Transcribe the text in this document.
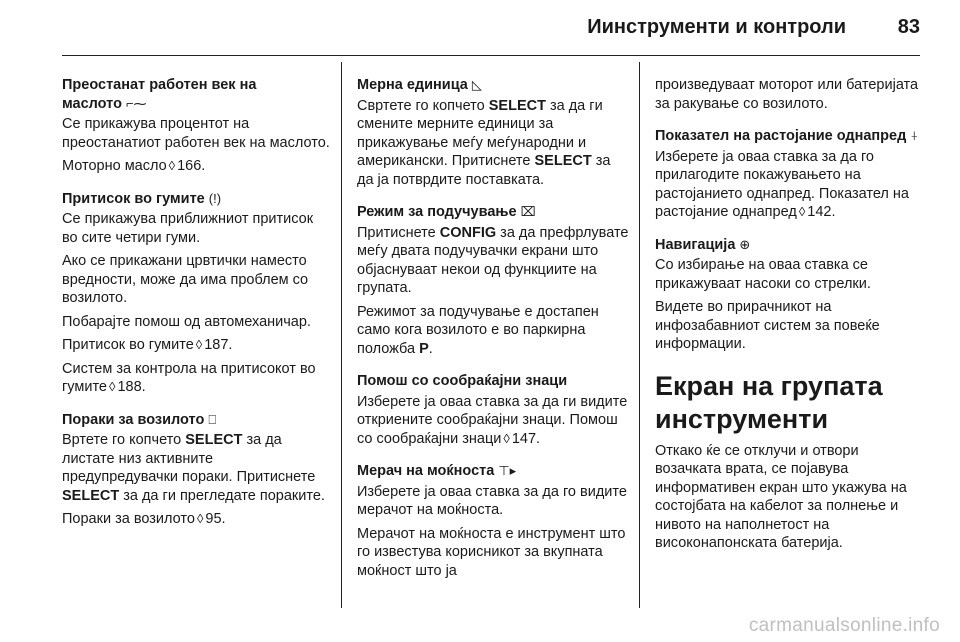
Иинструменти и контроли	83
Преостанат работен век на маслото ⌐⁓
Се прикажува процентот на преостанатиот работен век на маслото.
Моторно масло ◊ 166.
Притисок во гумите (!)
Се прикажува приближниот притисок во сите четири гуми.
Ако се прикажани црвтички наместо вредности, може да има проблем со возилото.
Побарајте помош од автомеханичар.
Притисок во гумите ◊ 187.
Систем за контрола на притисокот во гумите ◊ 188.
Пораки за возилото ⎕
Вртете го копчето SELECT за да листате низ активните предупредувачки пораки. Притиснете SELECT за да ги прегледате пораките.
Пораки за возилото ◊ 95.
Мерна единица ◺
Свртете го копчето SELECT за да ги смените мерните единици за прикажување меѓу меѓународни и американски. Притиснете SELECT за да ја потврдите поставката.
Режим за подучување ⌧
Притиснете CONFIG за да префрлувате меѓу двата подучувачки екрани што објаснуваат некои од функциите на групата.
Режимот за подучување е достапен само кога возилото е во паркирна положба P.
Помош со сообраќајни знаци
Изберете ја оваа ставка за да ги видите откриените сообраќајни знаци. Помош со сообраќајни знаци ◊ 147.
Мерач на моќноста ⊤▸
Изберете ја оваа ставка за да го видите мерачот на моќноста.
Мерачот на моќноста е инструмент што го известува корисникот за вкупната моќност што ја
произведуваат моторот или батеријата за ракување со возилото.
Показател на растојание однапред ⍭
Изберете ја оваа ставка за да го прилагодите покажувањето на растојанието однапред. Показател на растојание однапред ◊ 142.
Навигација ⊕
Со избирање на оваа ставка се прикажуваат насоки со стрелки.
Видете во прирачникот на инфозабавниот систем за повеќе информации.
Екран на групата инструменти
Откако ќе се отклучи и отвори возачката врата, се појавува информативен екран што укажува на состојбата на кабелот за полнење и нивото на наполнетост на високонапонската батерија.
carmanualsonline.info
